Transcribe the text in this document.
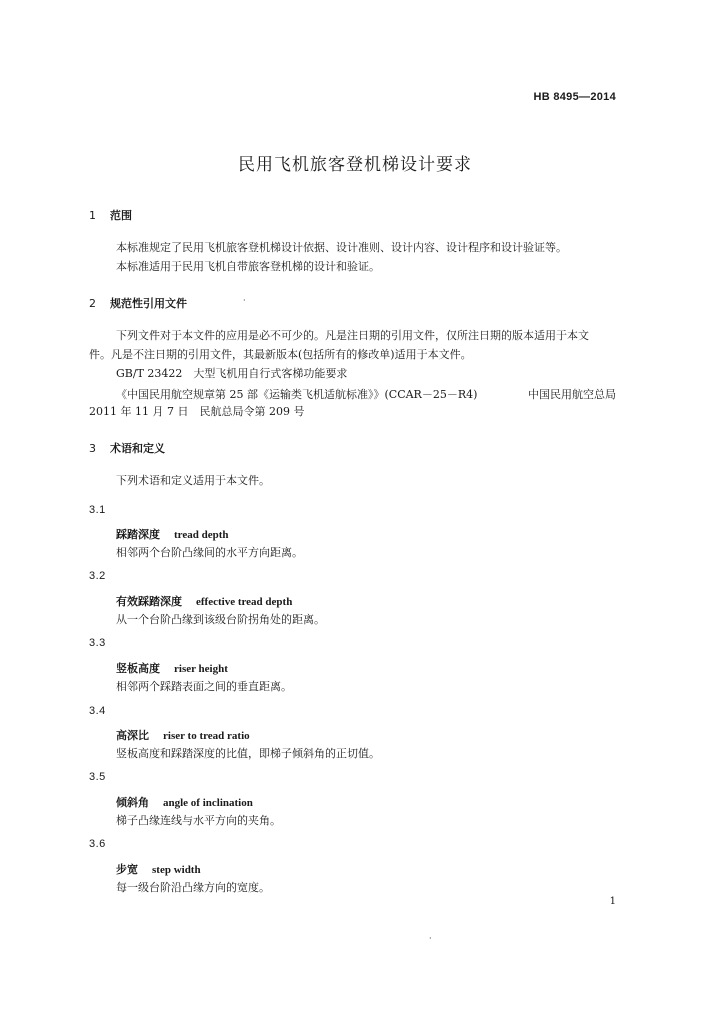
HB 8495—2014
民用飞机旅客登机梯设计要求
1 范围
本标准规定了民用飞机旅客登机梯设计依据、设计准则、设计内容、设计程序和设计验证等。
本标准适用于民用飞机自带旅客登机梯的设计和验证。
2 规范性引用文件
下列文件对于本文件的应用是必不可少的。凡是注日期的引用文件，仅所注日期的版本适用于本文
件。凡是不注日期的引用文件，其最新版本(包括所有的修改单)适用于本文件。
GB/T 23422　大型飞机用自行式客梯功能要求
《中国民用航空规章第 25 部《运输类飞机适航标准》》(CCAR－25－R4)	中国民用航空总局
2011 年 11 月 7 日　民航总局令第 209 号
3 术语和定义
下列术语和定义适用于本文件。
3.1
踩踏深度 tread depth
相邻两个台阶凸缘间的水平方向距离。
3.2
有效踩踏深度 effective tread depth
从一个台阶凸缘到该级台阶拐角处的距离。
3.3
竖板高度 riser height
相邻两个踩踏表面之间的垂直距离。
3.4
高深比 riser to tread ratio
竖板高度和踩踏深度的比值，即梯子倾斜角的正切值。
3.5
倾斜角 angle of inclination
梯子凸缘连线与水平方向的夹角。
3.6
步宽 step width
每一级台阶沿凸缘方向的宽度。
1
·
·
